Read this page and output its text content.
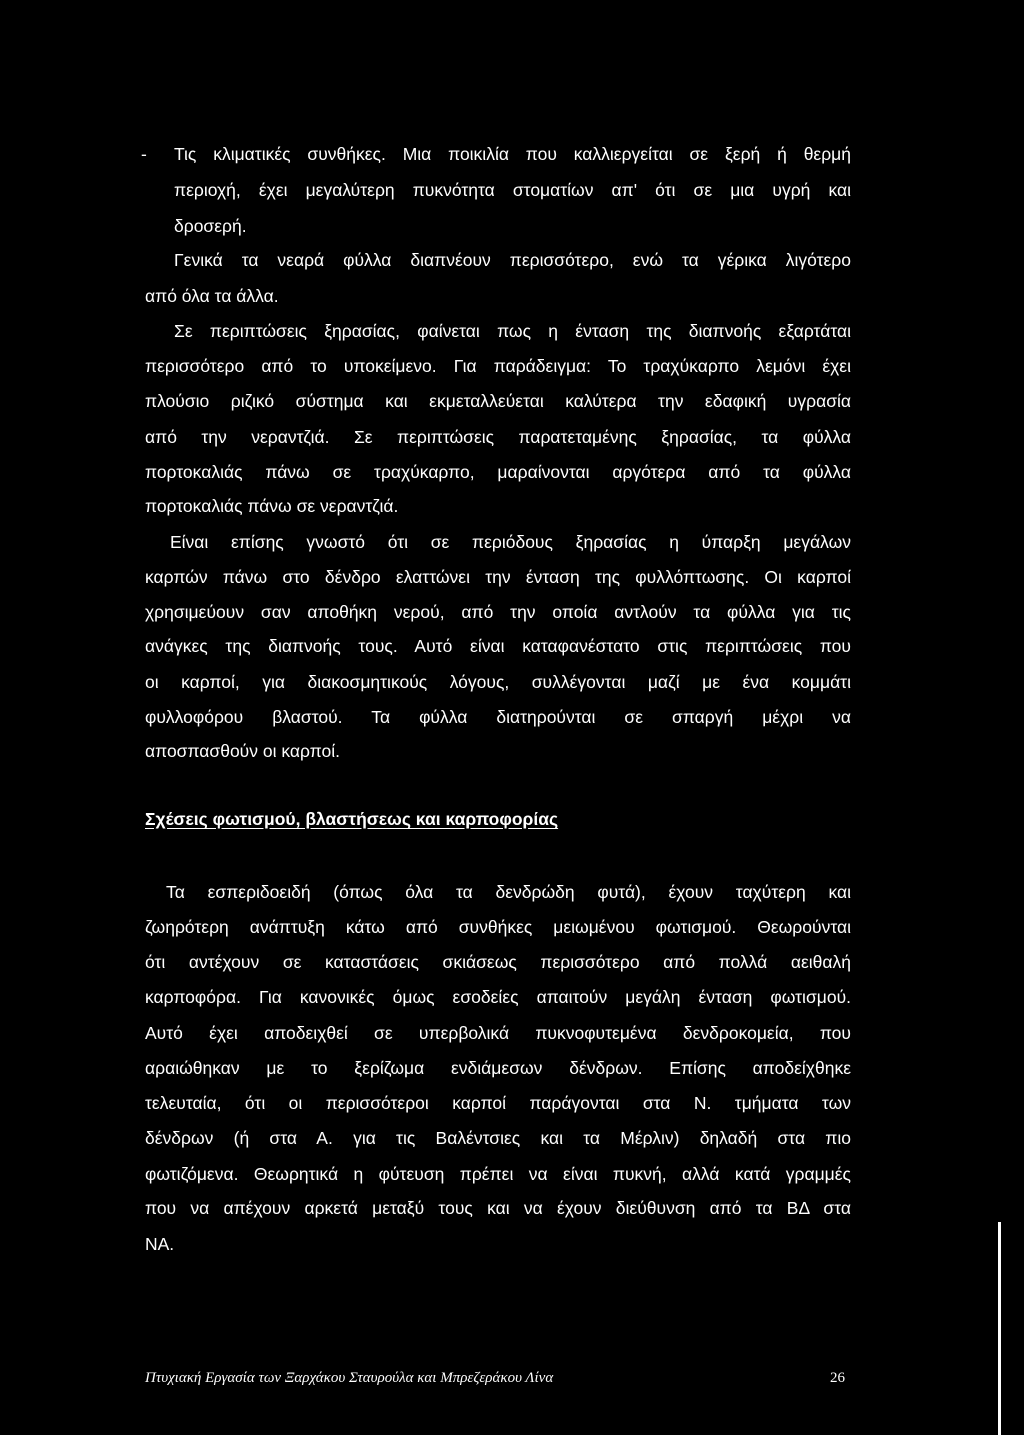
- Τις κλιματικές συνθήκες. Μια ποικιλία που καλλιεργείται σε ξερή ή θερμή
περιοχή, έχει μεγαλύτερη πυκνότητα στοματίων απ' ότι σε μια υγρή και
δροσερή.
Γενικά τα νεαρά φύλλα διαπνέουν περισσότερο, ενώ τα γέρικα λιγότερο
από όλα τα άλλα.
Σε περιπτώσεις ξηρασίας, φαίνεται πως η ένταση της διαπνοής εξαρτάται
περισσότερο από το υποκείμενο. Για παράδειγμα: Το τραχύκαρπο λεμόνι έχει
πλούσιο ριζικό σύστημα και εκμεταλλεύεται καλύτερα την εδαφική υγρασία
από την νεραντζιά. Σε περιπτώσεις παρατεταμένης ξηρασίας, τα φύλλα
πορτοκαλιάς πάνω σε τραχύκαρπο, μαραίνονται αργότερα από τα φύλλα
πορτοκαλιάς πάνω σε νεραντζιά.
Είναι επίσης γνωστό ότι σε περιόδους ξηρασίας η ύπαρξη μεγάλων
καρπών πάνω στο δένδρο ελαττώνει την ένταση της φυλλόπτωσης. Οι καρποί
χρησιμεύουν σαν αποθήκη νερού, από την οποία αντλούν τα φύλλα για τις
ανάγκες της διαπνοής τους. Αυτό είναι καταφανέστατο στις περιπτώσεις που
οι καρποί, για διακοσμητικούς λόγους, συλλέγονται μαζί με ένα κομμάτι
φυλλοφόρου βλαστού. Τα φύλλα διατηρούνται σε σπαργή μέχρι να
αποσπασθούν οι καρποί.
Σχέσεις φωτισμού, βλαστήσεως και καρποφορίας
Τα εσπεριδοειδή (όπως όλα τα δενδρώδη φυτά), έχουν ταχύτερη και
ζωηρότερη ανάπτυξη κάτω από συνθήκες μειωμένου φωτισμού. Θεωρούνται
ότι αντέχουν σε καταστάσεις σκιάσεως περισσότερο από πολλά αειθαλή
καρποφόρα. Για κανονικές όμως εσοδείες απαιτούν μεγάλη ένταση φωτισμού.
Αυτό έχει αποδειχθεί σε υπερβολικά πυκνοφυτεμένα δενδροκομεία, που
αραιώθηκαν με το ξερίζωμα ενδιάμεσων δένδρων. Επίσης αποδείχθηκε
τελευταία, ότι οι περισσότεροι καρποί παράγονται στα Ν. τμήματα των
δένδρων (ή στα Α. για τις Βαλέντσιες και τα Μέρλιν) δηλαδή στα πιο
φωτιζόμενα. Θεωρητικά η φύτευση πρέπει να είναι πυκνή, αλλά κατά γραμμές
που να απέχουν αρκετά μεταξύ τους και να έχουν διεύθυνση από τα ΒΔ στα
ΝΑ.
Πτυχιακή Εργασία των Ξαρχάκου Σταυρούλα και Μπρεζεράκου Λίνα	26
